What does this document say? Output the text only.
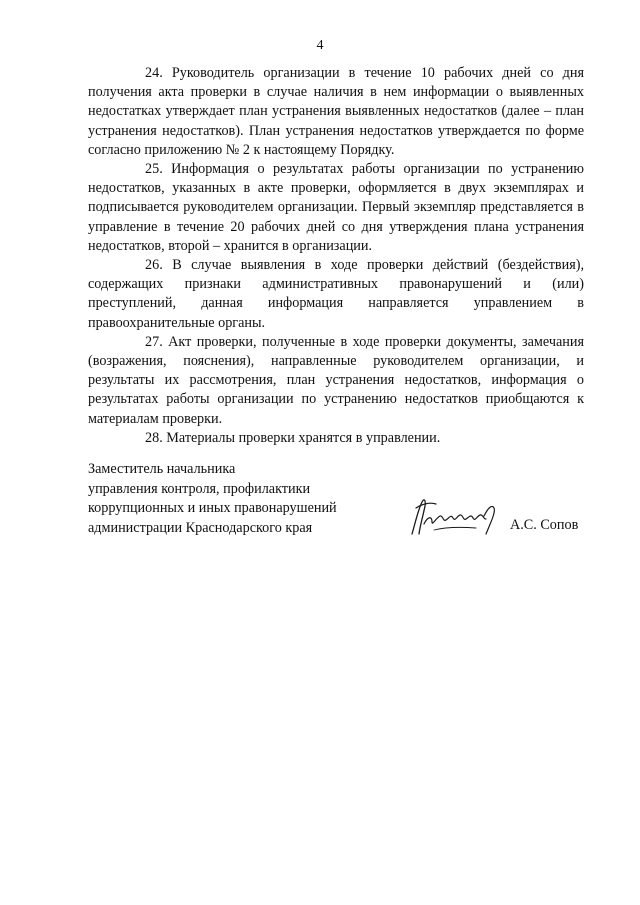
4

24. Руководитель организации в течение 10 рабочих дней со дня получения акта проверки в случае наличия в нем информации о выявленных недостатках утверждает план устранения выявленных недостатков (далее – план устранения недостатков). План устранения недостатков утверждается по форме согласно приложению № 2 к настоящему Порядку.

25. Информация о результатах работы организации по устранению недостатков, указанных в акте проверки, оформляется в двух экземплярах и подписывается руководителем организации. Первый экземпляр представляется в управление в течение 20 рабочих дней со дня утверждения плана устранения недостатков, второй – хранится в организации.

26. В случае выявления в ходе проверки действий (бездействия), содержащих признаки административных правонарушений и (или) преступлений, данная информация направляется управлением в правоохранительные органы.

27. Акт проверки, полученные в ходе проверки документы, замечания (возражения, пояснения), направленные руководителем организации, и результаты их рассмотрения, план устранения недостатков, информация о результатах работы организации по устранению недостатков приобщаются к материалам проверки.

28. Материалы проверки хранятся в управлении.

Заместитель начальника
управления контроля, профилактики
коррупционных и иных правонарушений
администрации Краснодарского края	А.С. Сопов
